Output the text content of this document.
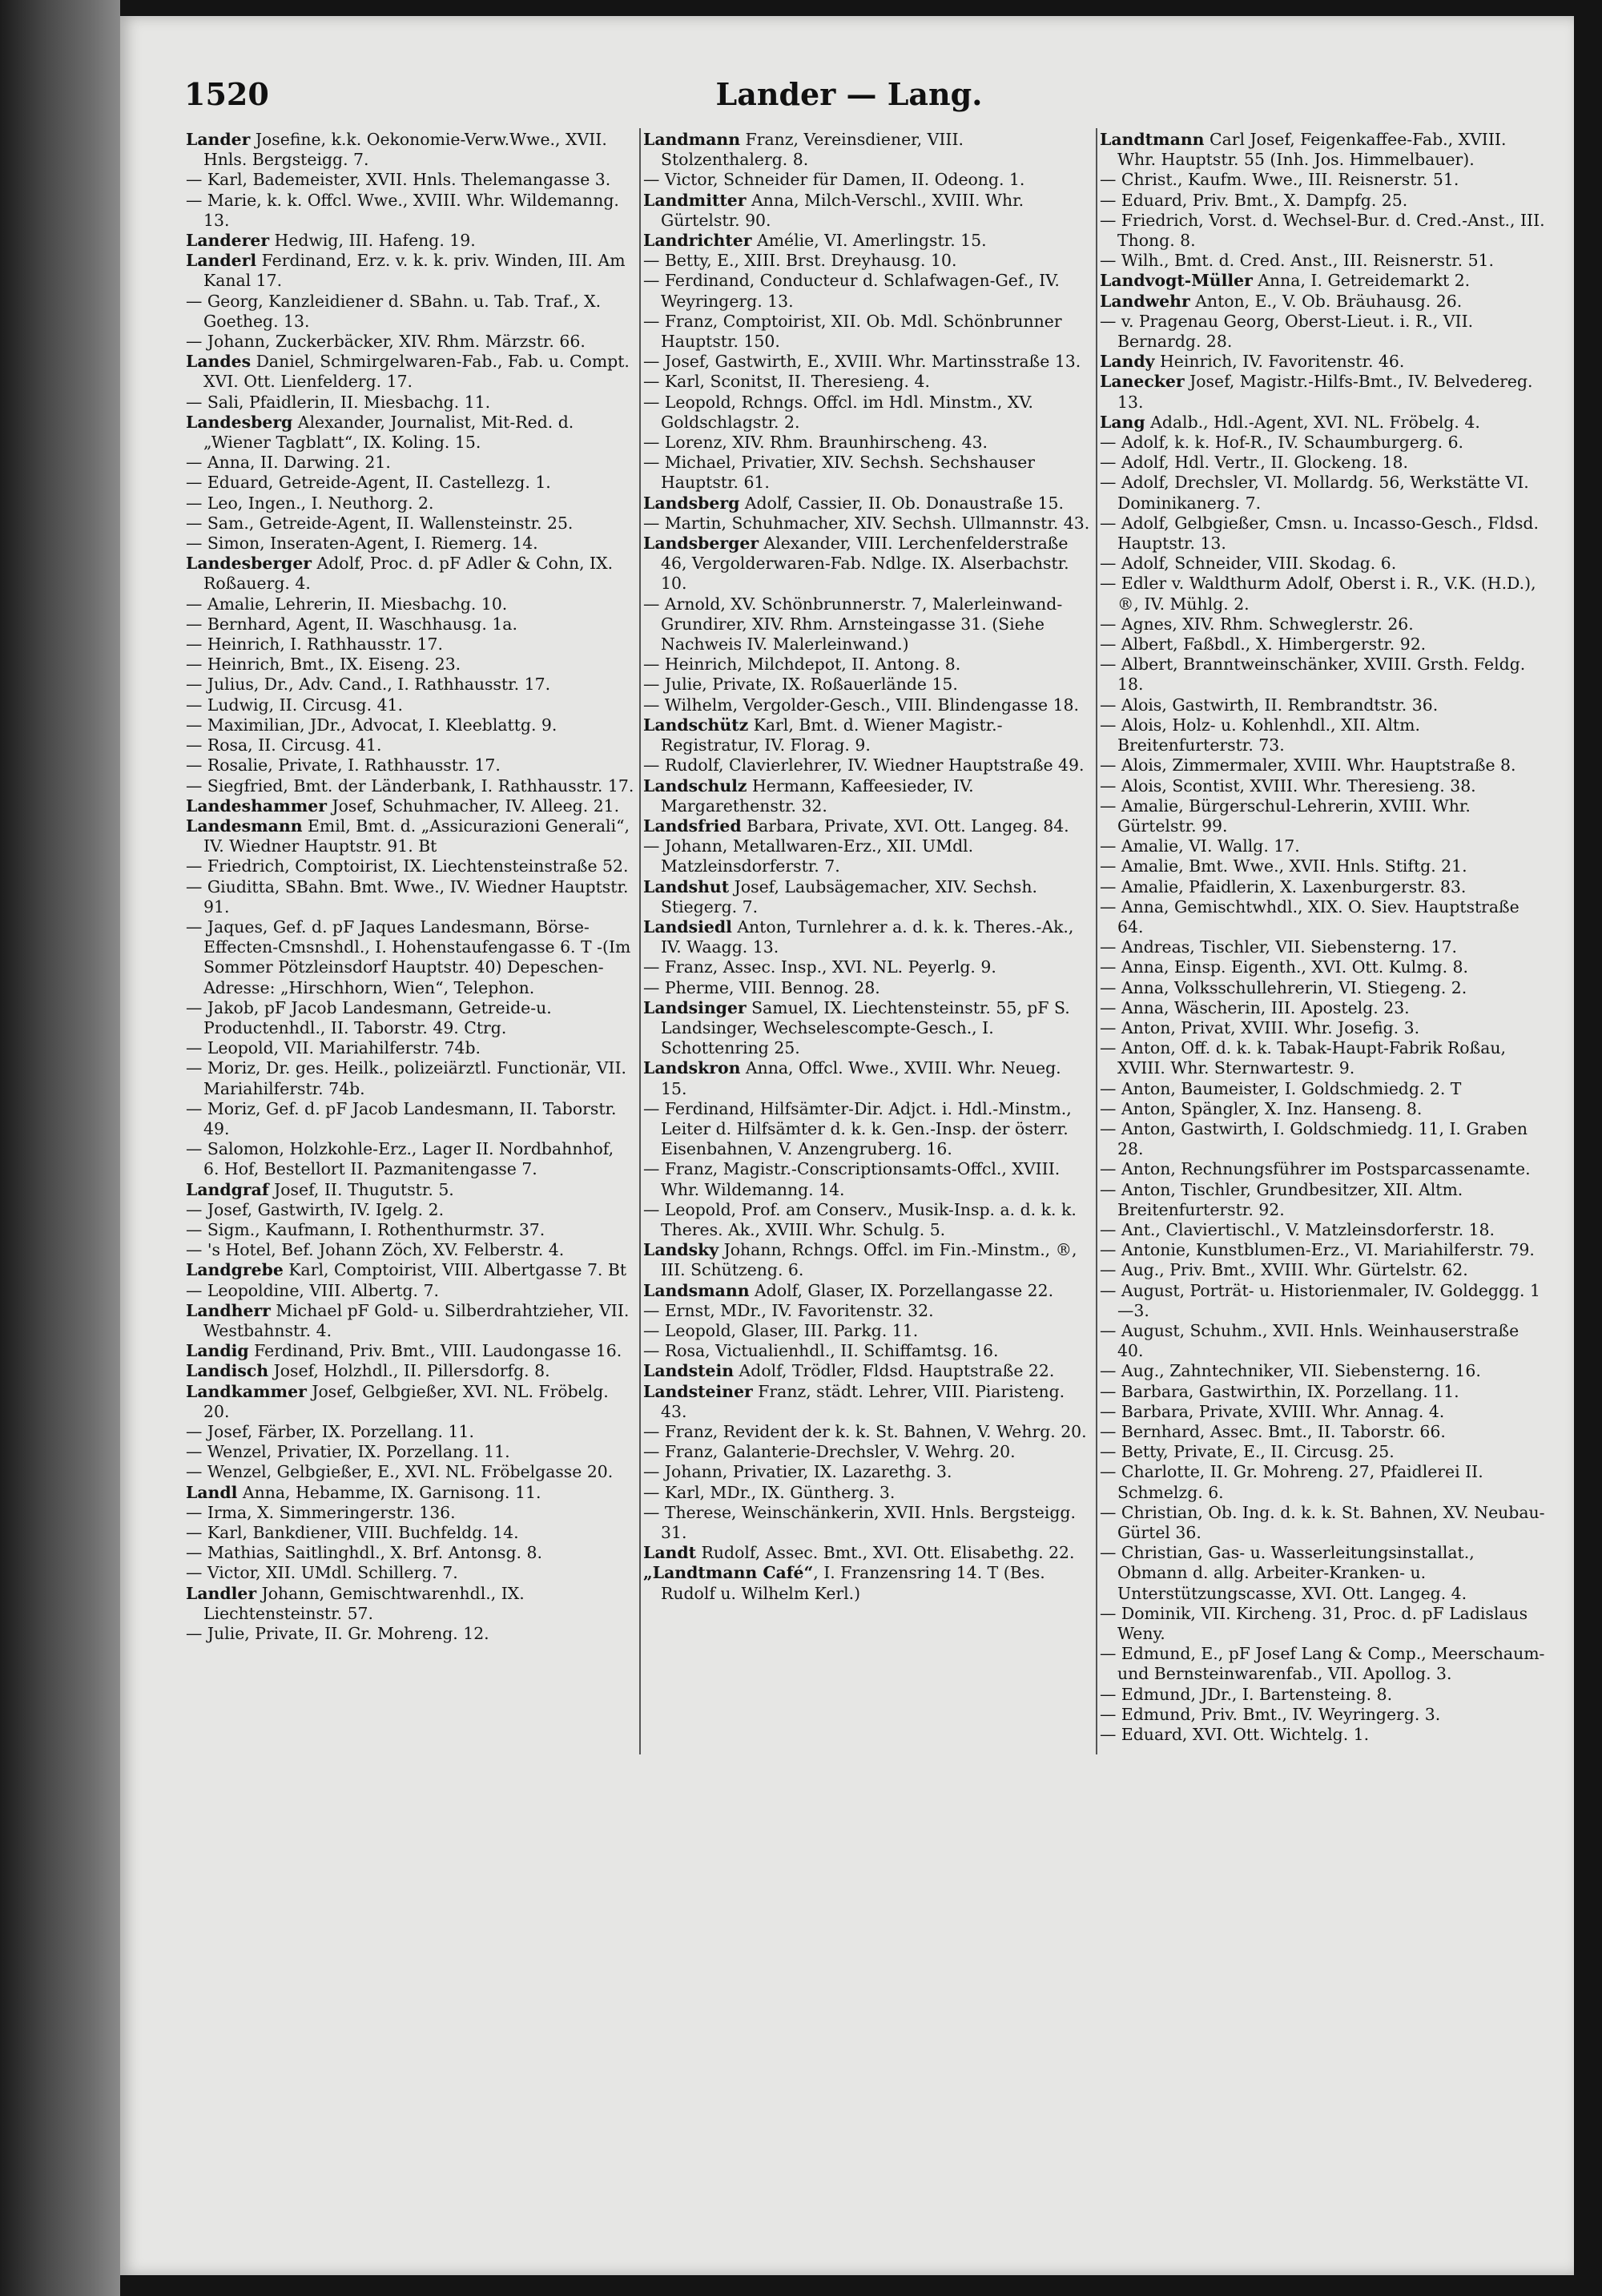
1520	Lander — Lang.

Lander Josefine, k.k. Oekonomie-Verw.Wwe., XVII. Hnls. Bergsteigg. 7.

— Karl, Bademeister, XVII. Hnls. Thelemangasse 3.

— Marie, k. k. Offcl. Wwe., XVIII. Whr. Wildemanng. 13.

Landerer Hedwig, III. Hafeng. 19.

Landerl Ferdinand, Erz. v. k. k. priv. Winden, III. Am Kanal 17.

— Georg, Kanzleidiener d. SBahn. u. Tab. Traf., X. Goetheg. 13.

— Johann, Zuckerbäcker, XIV. Rhm. Märzstr. 66.

Landes Daniel, Schmirgelwaren-Fab., Fab. u. Compt. XVI. Ott. Lienfelderg. 17.

— Sali, Pfaidlerin, II. Miesbachg. 11.

Landesberg Alexander, Journalist, Mit-Red. d. „Wiener Tagblatt“, IX. Koling. 15.

— Anna, II. Darwing. 21.

— Eduard, Getreide-Agent, II. Castellezg. 1.

— Leo, Ingen., I. Neuthorg. 2.

— Sam., Getreide-Agent, II. Wallensteinstr. 25.

— Simon, Inseraten-Agent, I. Riemerg. 14.

Landesberger Adolf, Proc. d. pF Adler & Cohn, IX. Roßauerg. 4.

— Amalie, Lehrerin, II. Miesbachg. 10.

— Bernhard, Agent, II. Waschhausg. 1a.

— Heinrich, I. Rathhausstr. 17.

— Heinrich, Bmt., IX. Eiseng. 23.

— Julius, Dr., Adv. Cand., I. Rathhausstr. 17.

— Ludwig, II. Circusg. 41.

— Maximilian, JDr., Advocat, I. Kleeblattg. 9.

— Rosa, II. Circusg. 41.

— Rosalie, Private, I. Rathhausstr. 17.

— Siegfried, Bmt. der Länderbank, I. Rathhausstr. 17.

Landeshammer Josef, Schuhmacher, IV. Alleeg. 21.

Landesmann Emil, Bmt. d. „Assicurazioni Generali“, IV. Wiedner Hauptstr. 91. Bt

— Friedrich, Comptoirist, IX. Liechtensteinstraße 52.

— Giuditta, SBahn. Bmt. Wwe., IV. Wiedner Hauptstr. 91.

— Jaques, Gef. d. pF Jaques Landesmann, Börse-Effecten-Cmsnshdl., I. Hohenstaufengasse 6. T -(Im Sommer Pötzleinsdorf Hauptstr. 40) Depeschen-Adresse: „Hirschhorn, Wien“, Telephon.

— Jakob, pF Jacob Landesmann, Getreide-u. Productenhdl., II. Taborstr. 49. Ctrg.

— Leopold, VII. Mariahilferstr. 74b.

— Moriz, Dr. ges. Heilk., polizeiärztl. Functionär, VII. Mariahilferstr. 74b.

— Moriz, Gef. d. pF Jacob Landesmann, II. Taborstr. 49.

— Salomon, Holzkohle-Erz., Lager II. Nordbahnhof, 6. Hof, Bestellort II. Pazmanitengasse 7.

Landgraf Josef, II. Thugutstr. 5.

— Josef, Gastwirth, IV. Igelg. 2.

— Sigm., Kaufmann, I. Rothenthurmstr. 37.

— 's Hotel, Bef. Johann Zöch, XV. Felberstr. 4.

Landgrebe Karl, Comptoirist, VIII. Albertgasse 7. Bt

— Leopoldine, VIII. Albertg. 7.

Landherr Michael pF Gold- u. Silberdrahtzieher, VII. Westbahnstr. 4.

Landig Ferdinand, Priv. Bmt., VIII. Laudongasse 16.

Landisch Josef, Holzhdl., II. Pillersdorfg. 8.

Landkammer Josef, Gelbgießer, XVI. NL. Fröbelg. 20.

— Josef, Färber, IX. Porzellang. 11.

— Wenzel, Privatier, IX. Porzellang. 11.

— Wenzel, Gelbgießer, E., XVI. NL. Fröbelgasse 20.

Landl Anna, Hebamme, IX. Garnisong. 11.

— Irma, X. Simmeringerstr. 136.

— Karl, Bankdiener, VIII. Buchfeldg. 14.

— Mathias, Saitlinghdl., X. Brf. Antonsg. 8.

— Victor, XII. UMdl. Schillerg. 7.

Landler Johann, Gemischtwarenhdl., IX. Liechtensteinstr. 57.

— Julie, Private, II. Gr. Mohreng. 12.

Landmann Franz, Vereinsdiener, VIII. Stolzenthalerg. 8.

— Victor, Schneider für Damen, II. Odeong. 1.

Landmitter Anna, Milch-Verschl., XVIII. Whr. Gürtelstr. 90.

Landrichter Amélie, VI. Amerlingstr. 15.

— Betty, E., XIII. Brst. Dreyhausg. 10.

— Ferdinand, Conducteur d. Schlafwagen-Gef., IV. Weyringerg. 13.

— Franz, Comptoirist, XII. Ob. Mdl. Schönbrunner Hauptstr. 150.

— Josef, Gastwirth, E., XVIII. Whr. Martinsstraße 13.

— Karl, Sconitst, II. Theresieng. 4.

— Leopold, Rchngs. Offcl. im Hdl. Minstm., XV. Goldschlagstr. 2.

— Lorenz, XIV. Rhm. Braunhirscheng. 43.

— Michael, Privatier, XIV. Sechsh. Sechshauser Hauptstr. 61.

Landsberg Adolf, Cassier, II. Ob. Donaustraße 15.

— Martin, Schuhmacher, XIV. Sechsh. Ullmannstr. 43.

Landsberger Alexander, VIII. Lerchenfelderstraße 46, Vergolderwaren-Fab. Ndlge. IX. Alserbachstr. 10.

— Arnold, XV. Schönbrunnerstr. 7, Malerleinwand-Grundirer, XIV. Rhm. Arnsteingasse 31. (Siehe Nachweis IV. Malerleinwand.)

— Heinrich, Milchdepot, II. Antong. 8.

— Julie, Private, IX. Roßauerlände 15.

— Wilhelm, Vergolder-Gesch., VIII. Blindengasse 18.

Landschütz Karl, Bmt. d. Wiener Magistr.-Registratur, IV. Florag. 9.

— Rudolf, Clavierlehrer, IV. Wiedner Hauptstraße 49.

Landschulz Hermann, Kaffeesieder, IV. Margarethenstr. 32.

Landsfried Barbara, Private, XVI. Ott. Langeg. 84.

— Johann, Metallwaren-Erz., XII. UMdl. Matzleinsdorferstr. 7.

Landshut Josef, Laubsägemacher, XIV. Sechsh. Stiegerg. 7.

Landsiedl Anton, Turnlehrer a. d. k. k. Theres.-Ak., IV. Waagg. 13.

— Franz, Assec. Insp., XVI. NL. Peyerlg. 9.

— Pherme, VIII. Bennog. 28.

Landsinger Samuel, IX. Liechtensteinstr. 55, pF S. Landsinger, Wechselescompte-Gesch., I. Schottenring 25.

Landskron Anna, Offcl. Wwe., XVIII. Whr. Neueg. 15.

— Ferdinand, Hilfsämter-Dir. Adjct. i. Hdl.-Minstm., Leiter d. Hilfsämter d. k. k. Gen.-Insp. der österr. Eisenbahnen, V. Anzengruberg. 16.

— Franz, Magistr.-Conscriptionsamts-Offcl., XVIII. Whr. Wildemanng. 14.

— Leopold, Prof. am Conserv., Musik-Insp. a. d. k. k. Theres. Ak., XVIII. Whr. Schulg. 5.

Landsky Johann, Rchngs. Offcl. im Fin.-Minstm., ®, III. Schützeng. 6.

Landsmann Adolf, Glaser, IX. Porzellangasse 22.

— Ernst, MDr., IV. Favoritenstr. 32.

— Leopold, Glaser, III. Parkg. 11.

— Rosa, Victualienhdl., II. Schiffamtsg. 16.

Landstein Adolf, Trödler, Fldsd. Hauptstraße 22.

Landsteiner Franz, städt. Lehrer, VIII. Piaristeng. 43.

— Franz, Revident der k. k. St. Bahnen, V. Wehrg. 20.

— Franz, Galanterie-Drechsler, V. Wehrg. 20.

— Johann, Privatier, IX. Lazarethg. 3.

— Karl, MDr., IX. Güntherg. 3.

— Therese, Weinschänkerin, XVII. Hnls. Bergsteigg. 31.

Landt Rudolf, Assec. Bmt., XVI. Ott. Elisabethg. 22.

„Landtmann Café“, I. Franzensring 14. T (Bes. Rudolf u. Wilhelm Kerl.)

Landtmann Carl Josef, Feigenkaffee-Fab., XVIII. Whr. Hauptstr. 55 (Inh. Jos. Himmelbauer).

— Christ., Kaufm. Wwe., III. Reisnerstr. 51.

— Eduard, Priv. Bmt., X. Dampfg. 25.

— Friedrich, Vorst. d. Wechsel-Bur. d. Cred.-Anst., III. Thong. 8.

— Wilh., Bmt. d. Cred. Anst., III. Reisnerstr. 51.

Landvogt-Müller Anna, I. Getreidemarkt 2.

Landwehr Anton, E., V. Ob. Bräuhausg. 26.

— v. Pragenau Georg, Oberst-Lieut. i. R., VII. Bernardg. 28.

Landy Heinrich, IV. Favoritenstr. 46.

Lanecker Josef, Magistr.-Hilfs-Bmt., IV. Belvedereg. 13.

Lang Adalb., Hdl.-Agent, XVI. NL. Fröbelg. 4.

— Adolf, k. k. Hof-R., IV. Schaumburgerg. 6.

— Adolf, Hdl. Vertr., II. Glockeng. 18.

— Adolf, Drechsler, VI. Mollardg. 56, Werkstätte VI. Dominikanerg. 7.

— Adolf, Gelbgießer, Cmsn. u. Incasso-Gesch., Fldsd. Hauptstr. 13.

— Adolf, Schneider, VIII. Skodag. 6.

— Edler v. Waldthurm Adolf, Oberst i. R., V.K. (H.D.), ®, IV. Mühlg. 2.

— Agnes, XIV. Rhm. Schweglerstr. 26.

— Albert, Faßbdl., X. Himbergerstr. 92.

— Albert, Branntweinschänker, XVIII. Grsth. Feldg. 18.

— Alois, Gastwirth, II. Rembrandtstr. 36.

— Alois, Holz- u. Kohlenhdl., XII. Altm. Breitenfurterstr. 73.

— Alois, Zimmermaler, XVIII. Whr. Hauptstraße 8.

— Alois, Scontist, XVIII. Whr. Theresieng. 38.

— Amalie, Bürgerschul-Lehrerin, XVIII. Whr. Gürtelstr. 99.

— Amalie, VI. Wallg. 17.

— Amalie, Bmt. Wwe., XVII. Hnls. Stiftg. 21.

— Amalie, Pfaidlerin, X. Laxenburgerstr. 83.

— Anna, Gemischtwhdl., XIX. O. Siev. Hauptstraße 64.

— Andreas, Tischler, VII. Siebensterng. 17.

— Anna, Einsp. Eigenth., XVI. Ott. Kulmg. 8.

— Anna, Volksschullehrerin, VI. Stiegeng. 2.

— Anna, Wäscherin, III. Apostelg. 23.

— Anton, Privat, XVIII. Whr. Josefig. 3.

— Anton, Off. d. k. k. Tabak-Haupt-Fabrik Roßau, XVIII. Whr. Sternwartestr. 9.

— Anton, Baumeister, I. Goldschmiedg. 2. T

— Anton, Spängler, X. Inz. Hanseng. 8.

— Anton, Gastwirth, I. Goldschmiedg. 11, I. Graben 28.

— Anton, Rechnungsführer im Postsparcassenamte.

— Anton, Tischler, Grundbesitzer, XII. Altm. Breitenfurterstr. 92.

— Ant., Claviertischl., V. Matzleinsdorferstr. 18.

— Antonie, Kunstblumen-Erz., VI. Mariahilferstr. 79.

— Aug., Priv. Bmt., XVIII. Whr. Gürtelstr. 62.

— August, Porträt- u. Historienmaler, IV. Goldeggg. 1—3.

— August, Schuhm., XVII. Hnls. Weinhauserstraße 40.

— Aug., Zahntechniker, VII. Siebensterng. 16.

— Barbara, Gastwirthin, IX. Porzellang. 11.

— Barbara, Private, XVIII. Whr. Annag. 4.

— Bernhard, Assec. Bmt., II. Taborstr. 66.

— Betty, Private, E., II. Circusg. 25.

— Charlotte, II. Gr. Mohreng. 27, Pfaidlerei II. Schmelzg. 6.

— Christian, Ob. Ing. d. k. k. St. Bahnen, XV. Neubau-Gürtel 36.

— Christian, Gas- u. Wasserleitungsinstallat., Obmann d. allg. Arbeiter-Kranken- u. Unterstützungscasse, XVI. Ott. Langeg. 4.

— Dominik, VII. Kircheng. 31, Proc. d. pF Ladislaus Weny.

— Edmund, E., pF Josef Lang & Comp., Meerschaum- und Bernsteinwarenfab., VII. Apollog. 3.

— Edmund, JDr., I. Bartensteing. 8.

— Edmund, Priv. Bmt., IV. Weyringerg. 3.

— Eduard, XVI. Ott. Wichtelg. 1.
